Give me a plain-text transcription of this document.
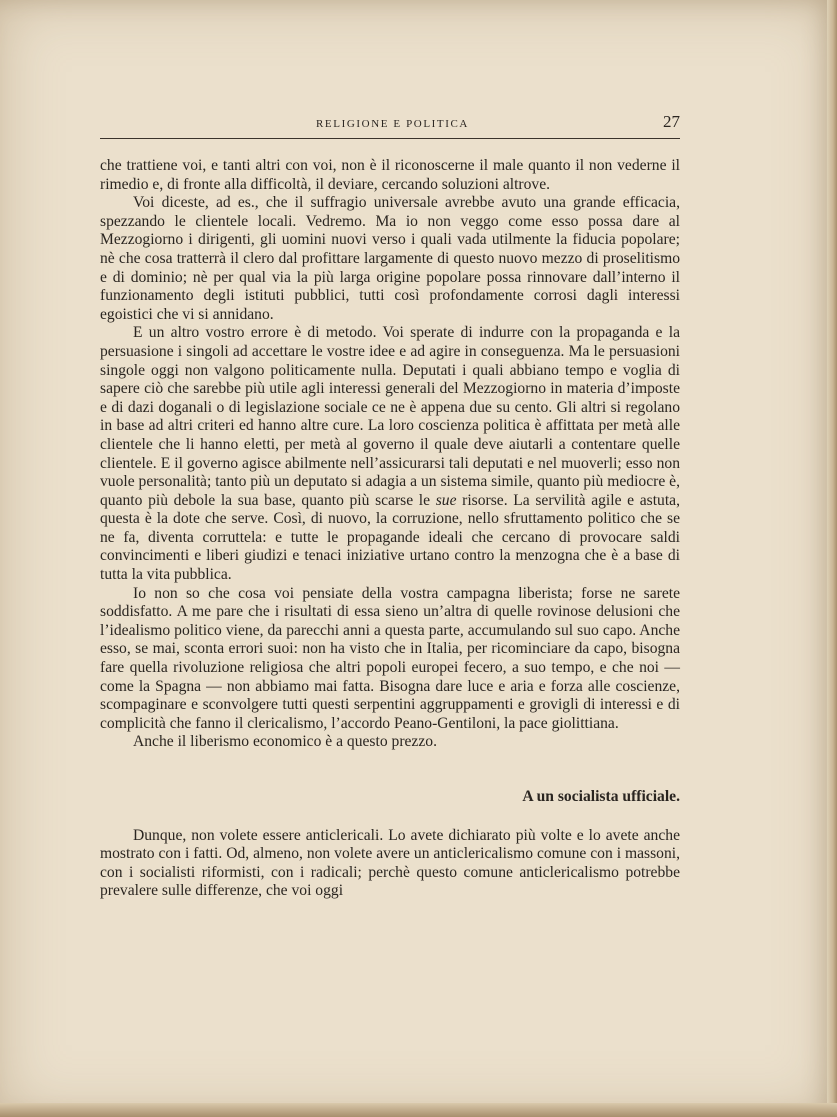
RELIGIONE E POLITICA	27

che trattiene voi, e tanti altri con voi, non è il riconoscerne il male quanto il non vederne il rimedio e, di fronte alla difficoltà, il deviare, cercando soluzioni altrove.

Voi diceste, ad es., che il suffragio universale avrebbe avuto una grande efficacia, spezzando le clientele locali. Vedremo. Ma io non veggo come esso possa dare al Mezzogiorno i dirigenti, gli uomini nuovi verso i quali vada utilmente la fiducia popolare; nè che cosa tratterrà il clero dal profittare largamente di questo nuovo mezzo di proselitismo e di dominio; nè per qual via la più larga origine popolare possa rinnovare dall’interno il funzionamento degli istituti pubblici, tutti così profondamente corrosi dagli interessi egoistici che vi si annidano.

E un altro vostro errore è di metodo. Voi sperate di indurre con la propaganda e la persuasione i singoli ad accettare le vostre idee e ad agire in conseguenza. Ma le persuasioni singole oggi non valgono politicamente nulla. Deputati i quali abbiano tempo e voglia di sapere ciò che sarebbe più utile agli interessi generali del Mezzogiorno in materia d’imposte e di dazi doganali o di legislazione sociale ce ne è appena due su cento. Gli altri si regolano in base ad altri criteri ed hanno altre cure. La loro coscienza politica è affittata per metà alle clientele che li hanno eletti, per metà al governo il quale deve aiutarli a contentare quelle clientele. E il governo agisce abilmente nell’assicurarsi tali deputati e nel muoverli; esso non vuole personalità; tanto più un deputato si adagia a un sistema simile, quanto più mediocre è, quanto più debole la sua base, quanto più scarse le sue risorse. La servilità agile e astuta, questa è la dote che serve. Così, di nuovo, la corruzione, nello sfruttamento politico che se ne fa, diventa corruttela: e tutte le propagande ideali che cercano di provocare saldi convincimenti e liberi giudizi e tenaci iniziative urtano contro la menzogna che è a base di tutta la vita pubblica.

Io non so che cosa voi pensiate della vostra campagna liberista; forse ne sarete soddisfatto. A me pare che i risultati di essa sieno un’altra di quelle rovinose delusioni che l’idealismo politico viene, da parecchi anni a questa parte, accumulando sul suo capo. Anche esso, se mai, sconta errori suoi: non ha visto che in Italia, per ricominciare da capo, bisogna fare quella rivoluzione religiosa che altri popoli europei fecero, a suo tempo, e che noi — come la Spagna — non abbiamo mai fatta. Bisogna dare luce e aria e forza alle coscienze, scompaginare e sconvolgere tutti questi serpentini aggruppamenti e grovigli di interessi e di complicità che fanno il clericalismo, l’accordo Peano-Gentiloni, la pace giolittiana.

Anche il liberismo economico è a questo prezzo.

A un socialista ufficiale.

Dunque, non volete essere anticlericali. Lo avete dichiarato più volte e lo avete anche mostrato con i fatti. Od, almeno, non volete avere un anticlericalismo comune con i massoni, con i socialisti riformisti, con i radicali; perchè questo comune anticlericalismo potrebbe prevalere sulle differenze, che voi oggi
